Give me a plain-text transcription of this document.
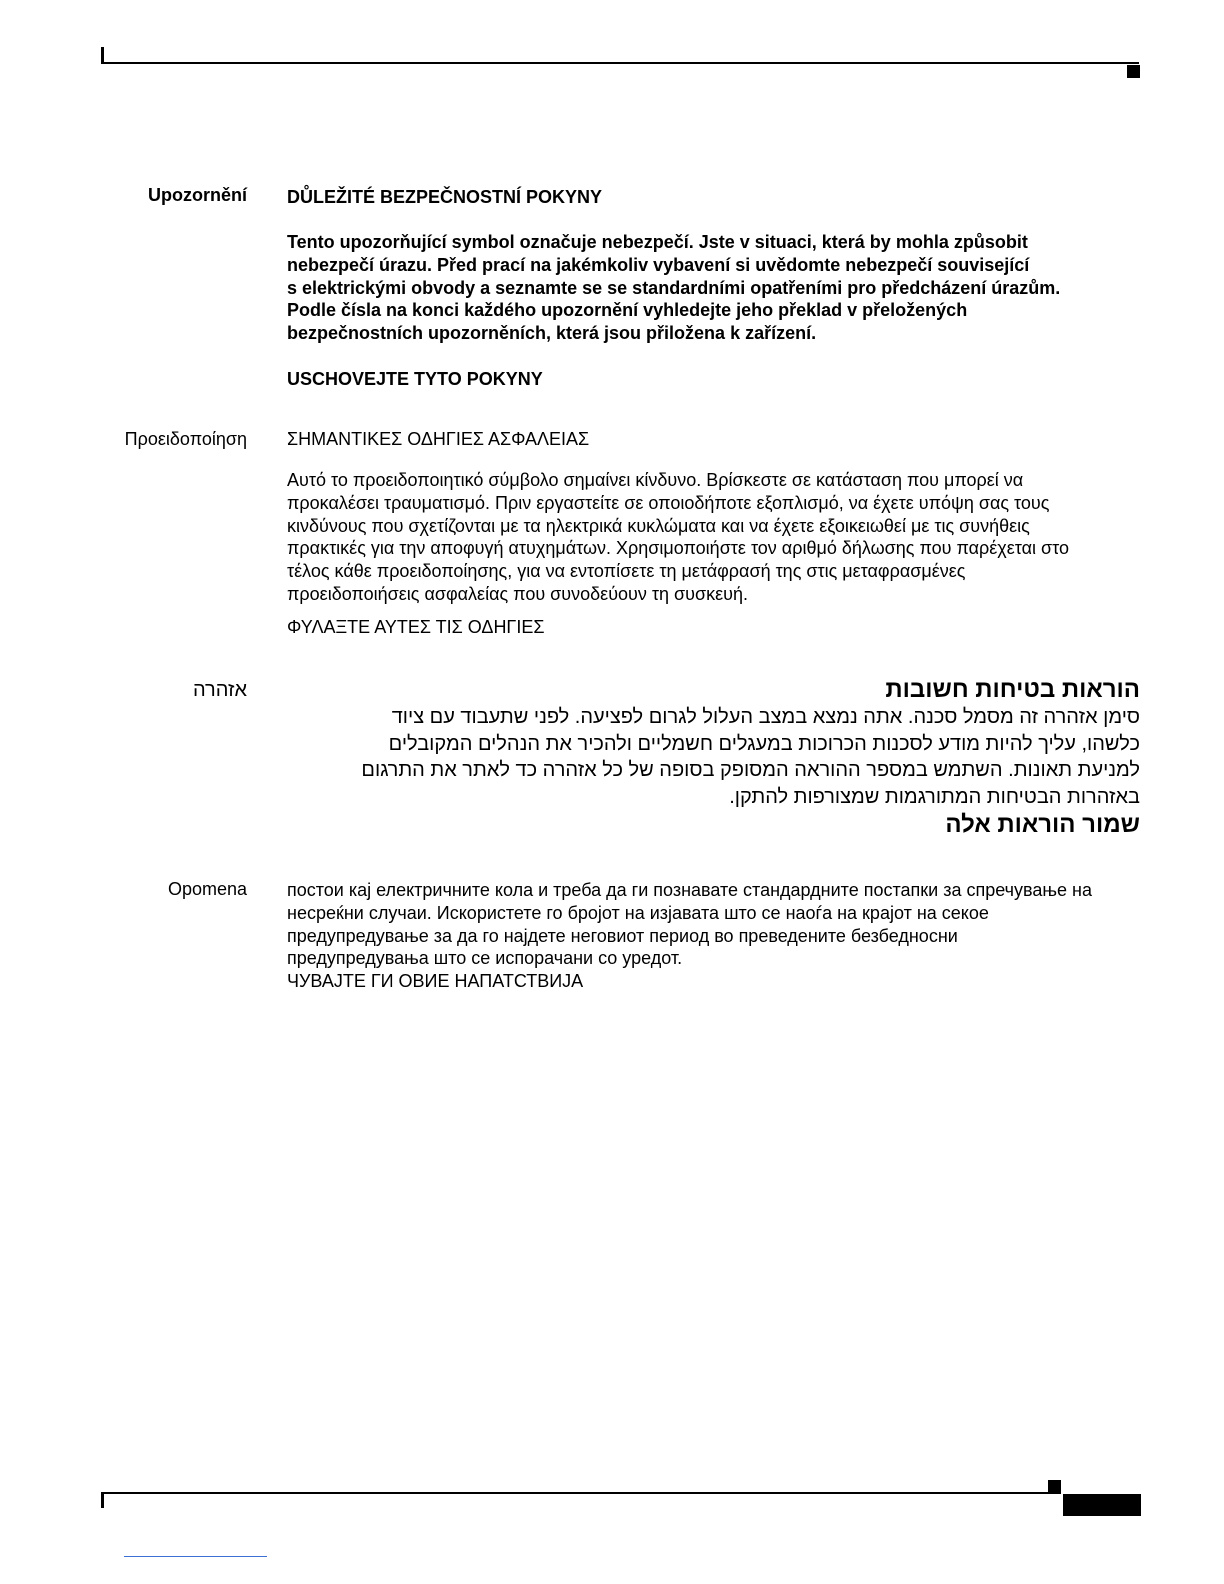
Upozornění DŮLEŽITÉ BEZPEČNOSTNÍ POKYNY
Tento upozorňující symbol označuje nebezpečí. Jste v situaci, která by mohla způsobit
nebezpečí úrazu. Před prací na jakémkoliv vybavení si uvědomte nebezpečí související
s elektrickými obvody a seznamte se se standardními opatřeními pro předcházení úrazům.
Podle čísla na konci každého upozornění vyhledejte jeho překlad v přeložených
bezpečnostních upozorněních, která jsou přiložena k zařízení.
USCHOVEJTE TYTO POKYNY
Προειδοποίηση ΣΗΜΑΝΤΙΚΕΣ ΟΔΗΓΙΕΣ ΑΣΦΑΛΕΙΑΣ
Αυτό το προειδοποιητικό σύμβολο σημαίνει κίνδυνο. Βρίσκεστε σε κατάσταση που μπορεί να
προκαλέσει τραυματισμό. Πριν εργαστείτε σε οποιοδήποτε εξοπλισμό, να έχετε υπόψη σας τους
κινδύνους που σχετίζονται με τα ηλεκτρικά κυκλώματα και να έχετε εξοικειωθεί με τις συνήθεις
πρακτικές για την αποφυγή ατυχημάτων. Χρησιμοποιήστε τον αριθμό δήλωσης που παρέχεται στο
τέλος κάθε προειδοποίησης, για να εντοπίσετε τη μετάφρασή της στις μεταφρασμένες
προειδοποιήσεις ασφαλείας που συνοδεύουν τη συσκευή.
ΦΥΛΑΞΤΕ ΑΥΤΕΣ ΤΙΣ ΟΔΗΓΙΕΣ
אזהרה	הוראות בטיחות חשובות
סימן אזהרה זה מסמל סכנה. אתה נמצא במצב העלול לגרום לפציעה. לפני שתעבוד עם ציוד
כלשהו, עליך להיות מודע לסכנות הכרוכות במעגלים חשמליים ולהכיר את הנהלים המקובלים
למניעת תאונות. השתמש במספר ההוראה המסופק בסופה של כל אזהרה כד לאתר את התרגום
באזהרות הבטיחות המתורגמות שמצורפות להתקן.
שמור הוראות אלה
Opomena постои кај електричните кола и треба да ги познавате стандардните постапки за спречување на
несреќни случаи. Искористете го бројот на изјавата што се наоѓа на крајот на секое
предупредување за да го најдете неговиот период во преведените безбедносни
предупредувања што се испорачани со уредот.
ЧУВАЈТЕ ГИ ОВИЕ НАПАТСТВИЈА
